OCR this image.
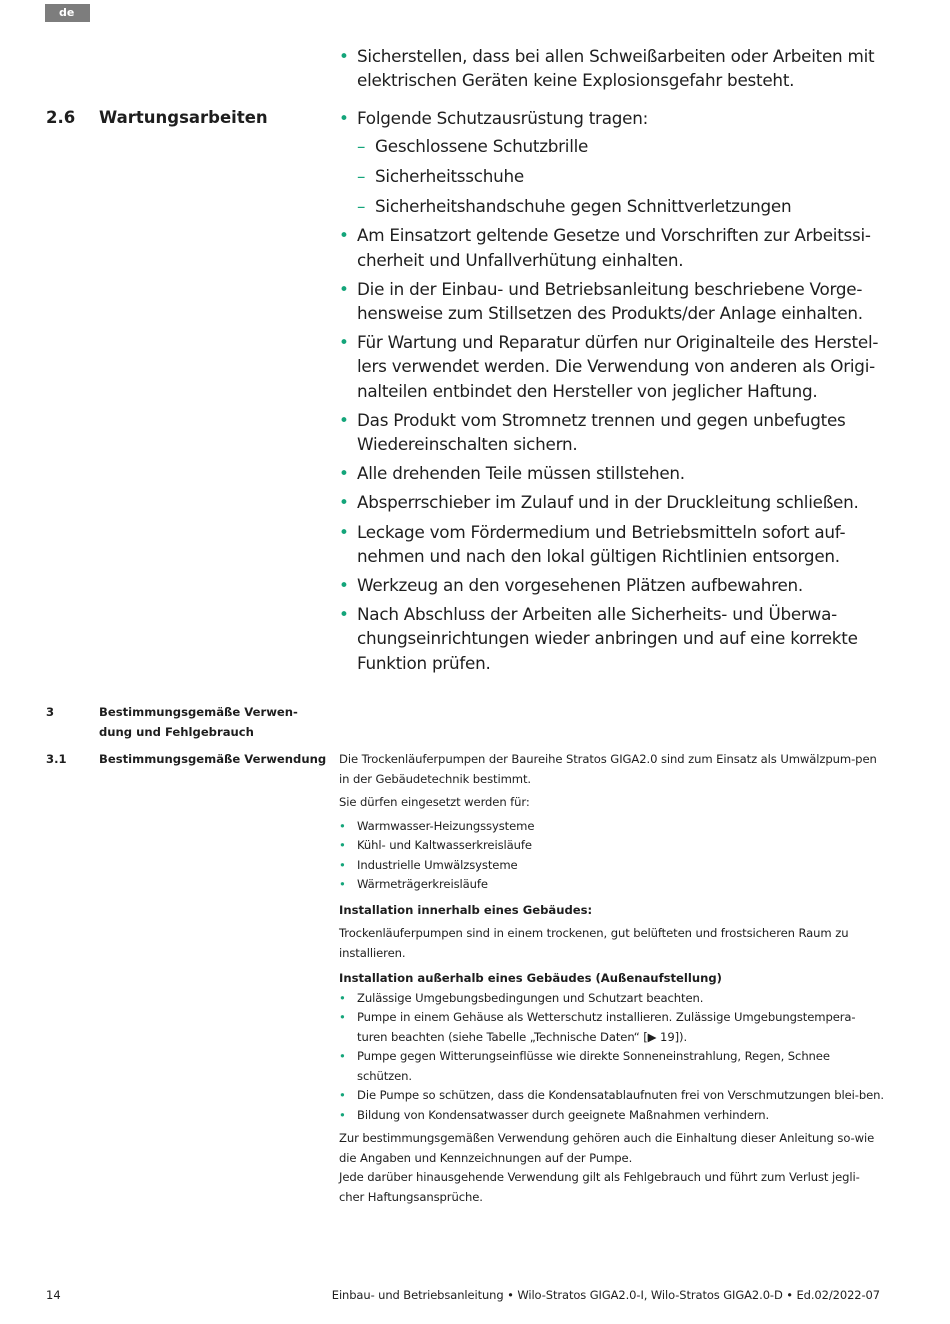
de
• Sicherstellen, dass bei allen Schweißarbeiten oder Arbeiten mit elektrischen Geräten keine Explosionsgefahr besteht.
2.6 Wartungsarbeiten
•	Folgende Schutzausrüstung tragen:
– Geschlossene Schutzbrille
– Sicherheitsschuhe
– Sicherheitshandschuhe gegen Schnittverletzungen
• Am Einsatzort geltende Gesetze und Vorschriften zur Arbeitssi-cherheit und Unfallverhütung einhalten.
• Die in der Einbau- und Betriebsanleitung beschriebene Vorge-hensweise zum Stillsetzen des Produkts/der Anlage einhalten.
• Für Wartung und Reparatur dürfen nur Originalteile des Herstel-lers verwendet werden. Die Verwendung von anderen als Origi-nalteilen entbindet den Hersteller von jeglicher Haftung.
• Das Produkt vom Stromnetz trennen und gegen unbefugtes Wiedereinschalten sichern.
• Alle drehenden Teile müssen stillstehen.
• Absperrschieber im Zulauf und in der Druckleitung schließen.
• Leckage vom Fördermedium und Betriebsmitteln sofort auf-nehmen und nach den lokal gültigen Richtlinien entsorgen.
• Werkzeug an den vorgesehenen Plätzen aufbewahren.
• Nach Abschluss der Arbeiten alle Sicherheits- und Überwa-chungseinrichtungen wieder anbringen und auf eine korrekte Funktion prüfen.
3	Bestimmungsgemäße Verwen-dung und Fehlgebrauch
3.1	Bestimmungsgemäße Verwendung Die Trockenläuferpumpen der Baureihe Stratos GIGA2.0 sind zum Einsatz als Umwälzpum-pen in der Gebäudetechnik bestimmt.

Sie dürfen eingesetzt werden für:

• Warmwasser-Heizungssysteme
• Kühl- und Kaltwasserkreisläufe
• Industrielle Umwälzsysteme
• Wärmeträgerkreisläufe

Installation innerhalb eines Gebäudes:

Trockenläuferpumpen sind in einem trockenen, gut belüfteten und frostsicheren Raum zu installieren.

Installation außerhalb eines Gebäudes (Außenaufstellung)

• Zulässige Umgebungsbedingungen und Schutzart beachten.
• Pumpe in einem Gehäuse als Wetterschutz installieren. Zulässige Umgebungstempera-turen beachten (siehe Tabelle „Technische Daten“ [▶ 19]).
• Pumpe gegen Witterungseinflüsse wie direkte Sonneneinstrahlung, Regen, Schnee schützen.
• Die Pumpe so schützen, dass die Kondensatablaufnuten frei von Verschmutzungen blei-ben.
• Bildung von Kondensatwasser durch geeignete Maßnahmen verhindern.

Zur bestimmungsgemäßen Verwendung gehören auch die Einhaltung dieser Anleitung so-wie die Angaben und Kennzeichnungen auf der Pumpe.

Jede darüber hinausgehende Verwendung gilt als Fehlgebrauch und führt zum Verlust jegli-cher Haftungsansprüche.

14	Einbau- und Betriebsanleitung • Wilo-Stratos GIGA2.0-I, Wilo-Stratos GIGA2.0-D • Ed.02/2022-07
